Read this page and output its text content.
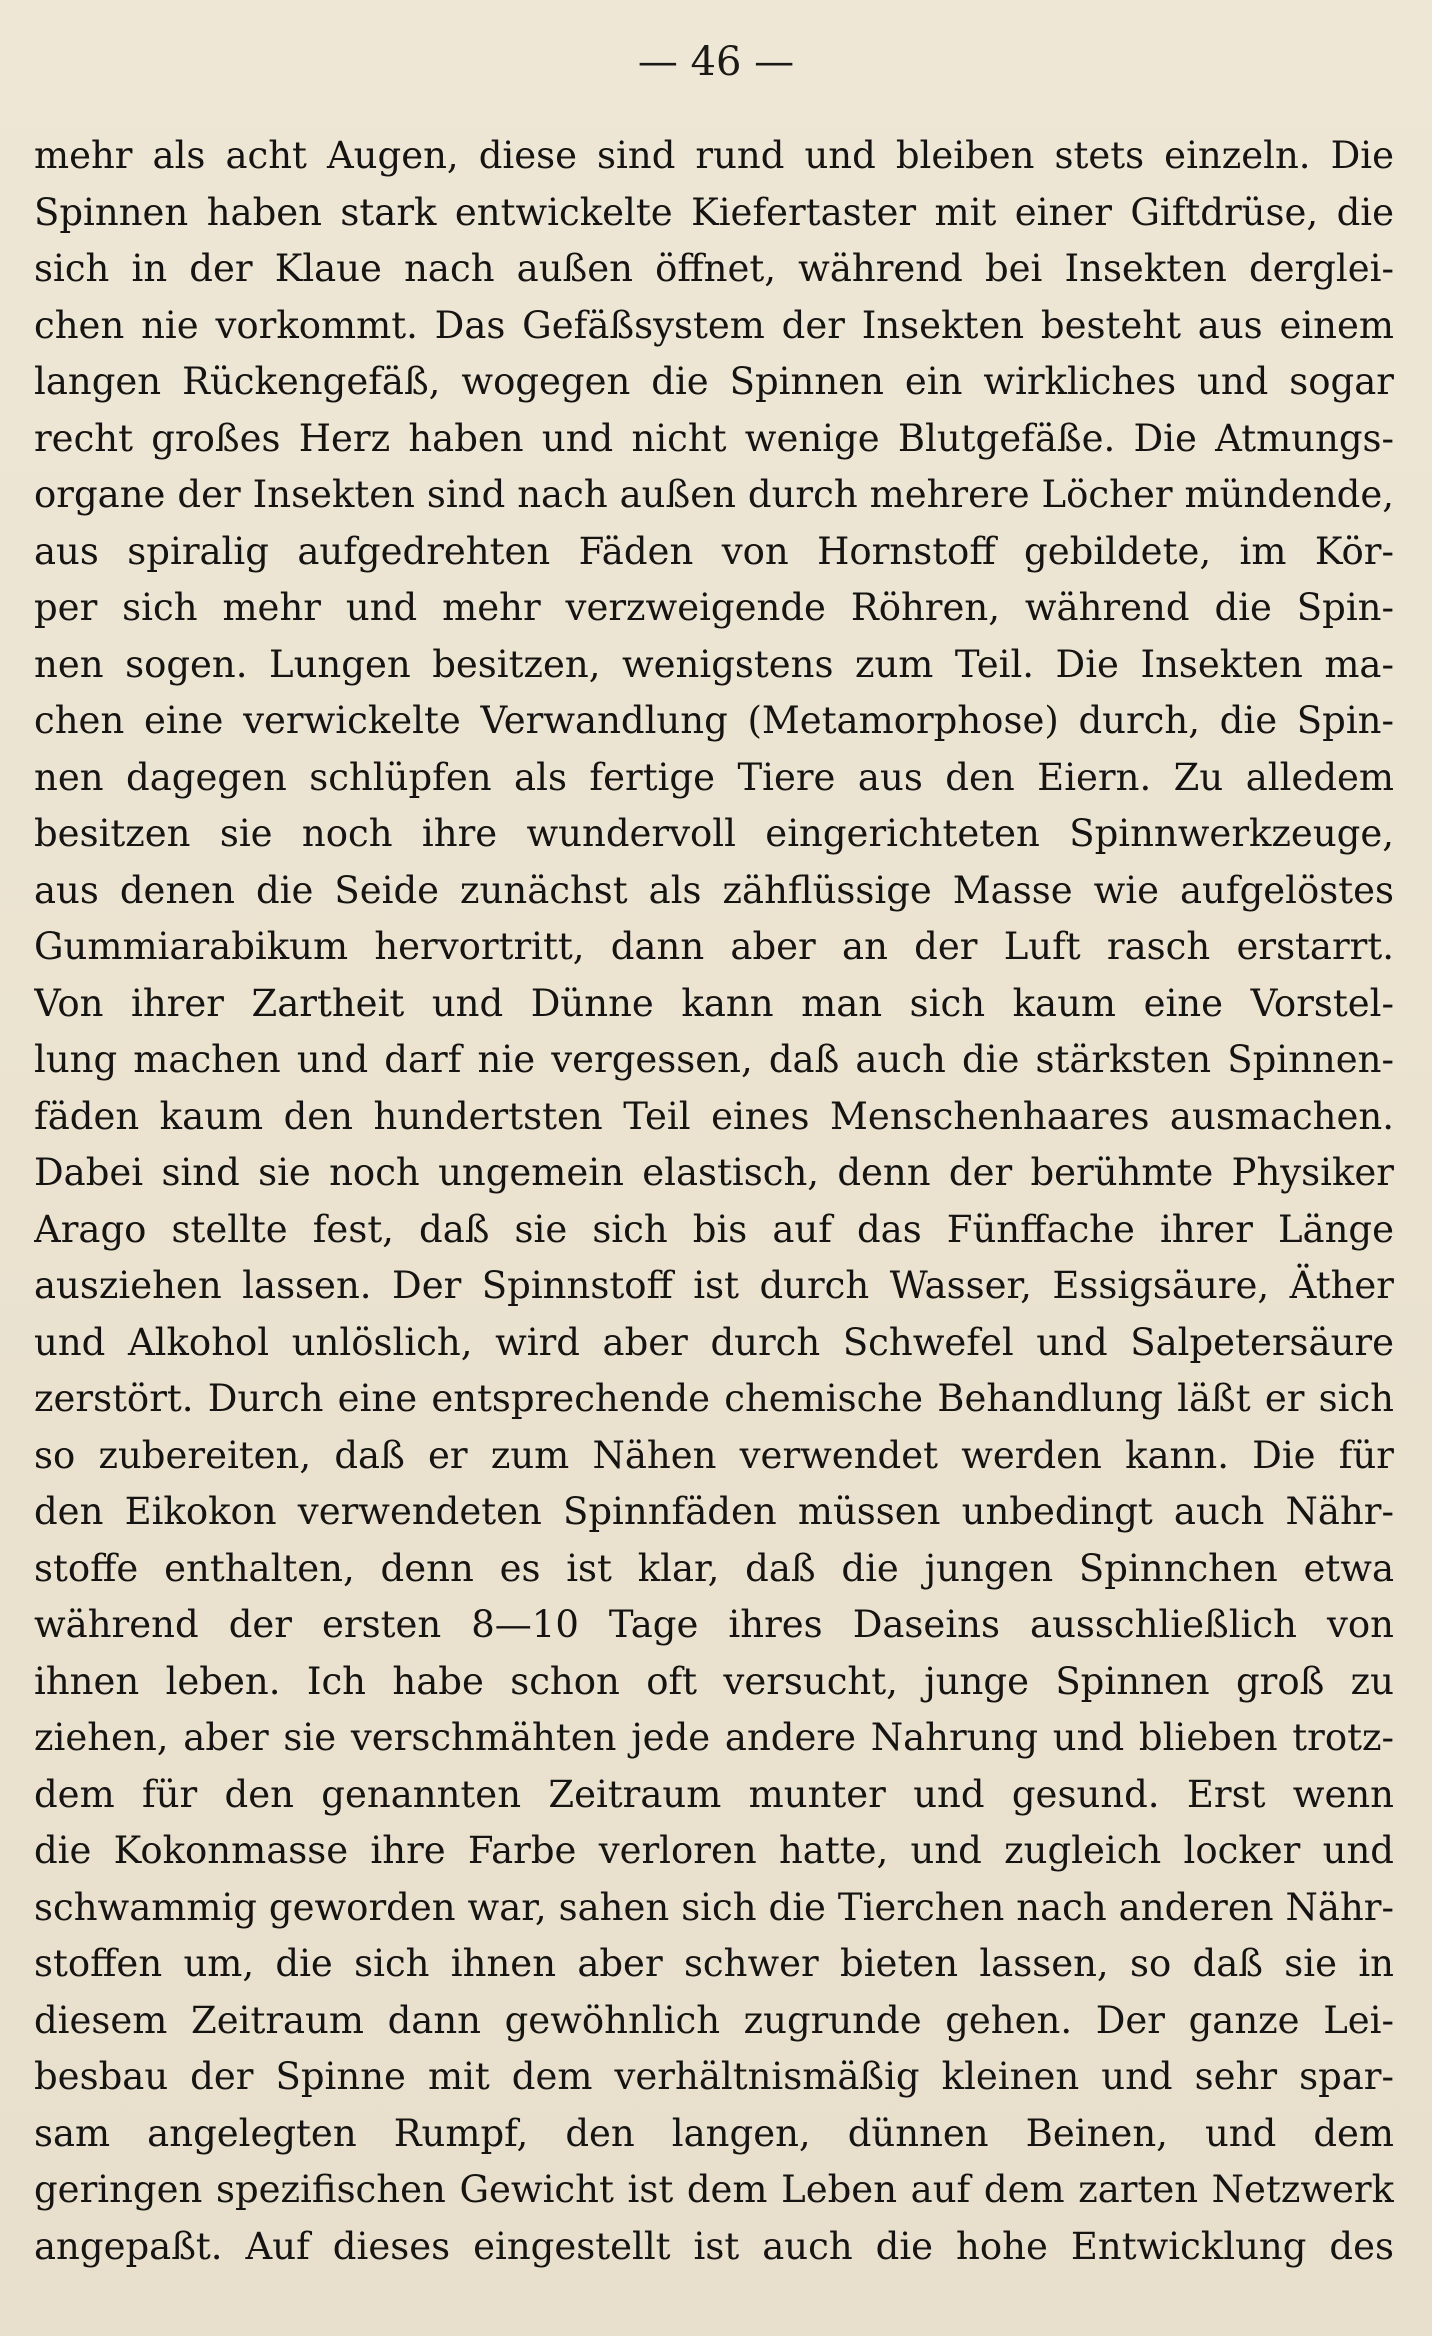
— 46 —
mehr als acht Augen, diese sind rund und bleiben stets einzeln. Die
Spinnen haben stark entwickelte Kiefertaster mit einer Giftdrüse, die
sich in der Klaue nach außen öffnet, während bei Insekten derglei-
chen nie vorkommt. Das Gefäßsystem der Insekten besteht aus einem
langen Rückengefäß, wogegen die Spinnen ein wirkliches und sogar
recht großes Herz haben und nicht wenige Blutgefäße. Die Atmungs-
organe der Insekten sind nach außen durch mehrere Löcher mündende,
aus spiralig aufgedrehten Fäden von Hornstoff gebildete, im Kör-
per sich mehr und mehr verzweigende Röhren, während die Spin-
nen sogen. Lungen besitzen, wenigstens zum Teil. Die Insekten ma-
chen eine verwickelte Verwandlung (Metamorphose) durch, die Spin-
nen dagegen schlüpfen als fertige Tiere aus den Eiern. Zu alledem
besitzen sie noch ihre wundervoll eingerichteten Spinnwerkzeuge,
aus denen die Seide zunächst als zähflüssige Masse wie aufgelöstes
Gummiarabikum hervortritt, dann aber an der Luft rasch erstarrt.
Von ihrer Zartheit und Dünne kann man sich kaum eine Vorstel-
lung machen und darf nie vergessen, daß auch die stärksten Spinnen-
fäden kaum den hundertsten Teil eines Menschenhaares ausmachen.
Dabei sind sie noch ungemein elastisch, denn der berühmte Physiker
Arago stellte fest, daß sie sich bis auf das Fünffache ihrer Länge
ausziehen lassen. Der Spinnstoff ist durch Wasser, Essigsäure, Äther
und Alkohol unlöslich, wird aber durch Schwefel und Salpetersäure
zerstört. Durch eine entsprechende chemische Behandlung läßt er sich
so zubereiten, daß er zum Nähen verwendet werden kann. Die für
den Eikokon verwendeten Spinnfäden müssen unbedingt auch Nähr-
stoffe enthalten, denn es ist klar, daß die jungen Spinnchen etwa
während der ersten 8—10 Tage ihres Daseins ausschließlich von
ihnen leben. Ich habe schon oft versucht, junge Spinnen groß zu
ziehen, aber sie verschmähten jede andere Nahrung und blieben trotz-
dem für den genannten Zeitraum munter und gesund. Erst wenn
die Kokonmasse ihre Farbe verloren hatte, und zugleich locker und
schwammig geworden war, sahen sich die Tierchen nach anderen Nähr-
stoffen um, die sich ihnen aber schwer bieten lassen, so daß sie in
diesem Zeitraum dann gewöhnlich zugrunde gehen. Der ganze Lei-
besbau der Spinne mit dem verhältnismäßig kleinen und sehr spar-
sam angelegten Rumpf, den langen, dünnen Beinen, und dem
geringen spezifischen Gewicht ist dem Leben auf dem zarten Netzwerk
angepaßt. Auf dieses eingestellt ist auch die hohe Entwicklung des
